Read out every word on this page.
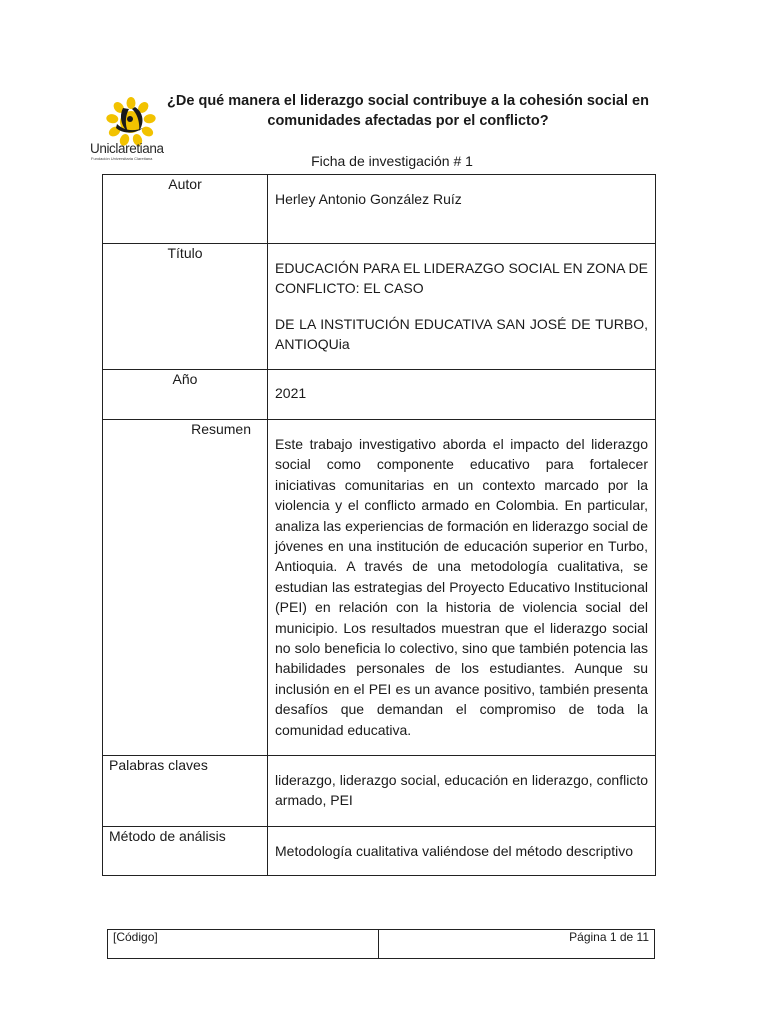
Uniclaretiana
Fundación Universitaria Claretiana
¿De qué manera el liderazgo social contribuye a la cohesión social en comunidades afectadas por el conflicto?
Ficha de investigación # 1
Autor	Herley Antonio González Ruíz

Título	EDUCACIÓN PARA EL LIDERAZGO SOCIAL EN ZONA DE CONFLICTO: EL CASO

DE LA INSTITUCIÓN EDUCATIVA SAN JOSÉ DE TURBO, ANTIOQUia

Año	2021

Resumen	Este trabajo investigativo aborda el impacto del liderazgo social como componente educativo para fortalecer iniciativas comunitarias en un contexto marcado por la violencia y el conflicto armado en Colombia. En particular, analiza las experiencias de formación en liderazgo social de jóvenes en una institución de educación superior en Turbo, Antioquia. A través de una metodología cualitativa, se estudian las estrategias del Proyecto Educativo Institucional (PEI) en relación con la historia de violencia social del municipio. Los resultados muestran que el liderazgo social no solo beneficia lo colectivo, sino que también potencia las habilidades personales de los estudiantes. Aunque su inclusión en el PEI es un avance positivo, también presenta desafíos que demandan el compromiso de toda la comunidad educativa.

Palabras claves	liderazgo, liderazgo social, educación en liderazgo, conflicto armado, PEI

Método de análisis	Metodología cualitativa valiéndose del método descriptivo

[Código]	Página 1 de 11
